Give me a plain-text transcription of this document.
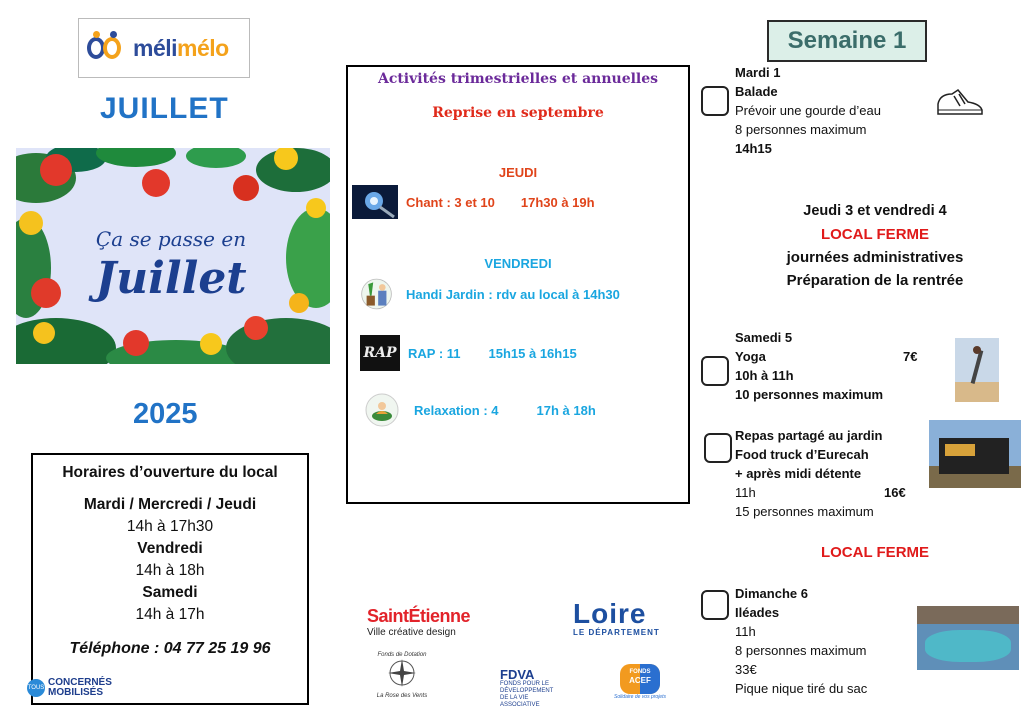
mélimélo
JUILLET
Ça se passe en
Juillet
2025
Horaires d’ouverture du local
Mardi / Mercredi / Jeudi
14h à 17h30
Vendredi
14h à 18h
Samedi
14h à 17h
Téléphone : 04 77 25 19 96
TOUS CONCERNÉS
MOBILISÉS
Activités trimestrielles et annuelles
Reprise en septembre
JEUDI
Chant : 3 et 10 17h30 à 19h
VENDREDI
Handi Jardin : rdv au local à 14h30
RAP RAP : 11 15h15 à 16h15
Relaxation : 4	17h à 18h
SaintÉtienne
Ville créative design
Loire
LE DÉPARTEMENT
Fonds de Dotation
La Rose des Vents
FDVA
FONDS POUR LE
DÉVELOPPEMENT
DE LA VIE
ASSOCIATIVE
FONDS
ACEF
Solidaire de vos projets
Semaine 1
Mardi 1
Balade
Prévoir une gourde d’eau
8 personnes maximum
14h15
Jeudi 3 et vendredi 4
LOCAL FERME
journées administratives
Préparation de la rentrée
Samedi 5
Yoga
10h à 11h
10 personnes maximum
7€
Repas partagé au jardin
Food truck d’Eurecah
+ après midi détente
11h
15 personnes maximum
16€
LOCAL FERME
Dimanche 6
Iléades
11h
8 personnes maximum
33€
Pique nique tiré du sac
